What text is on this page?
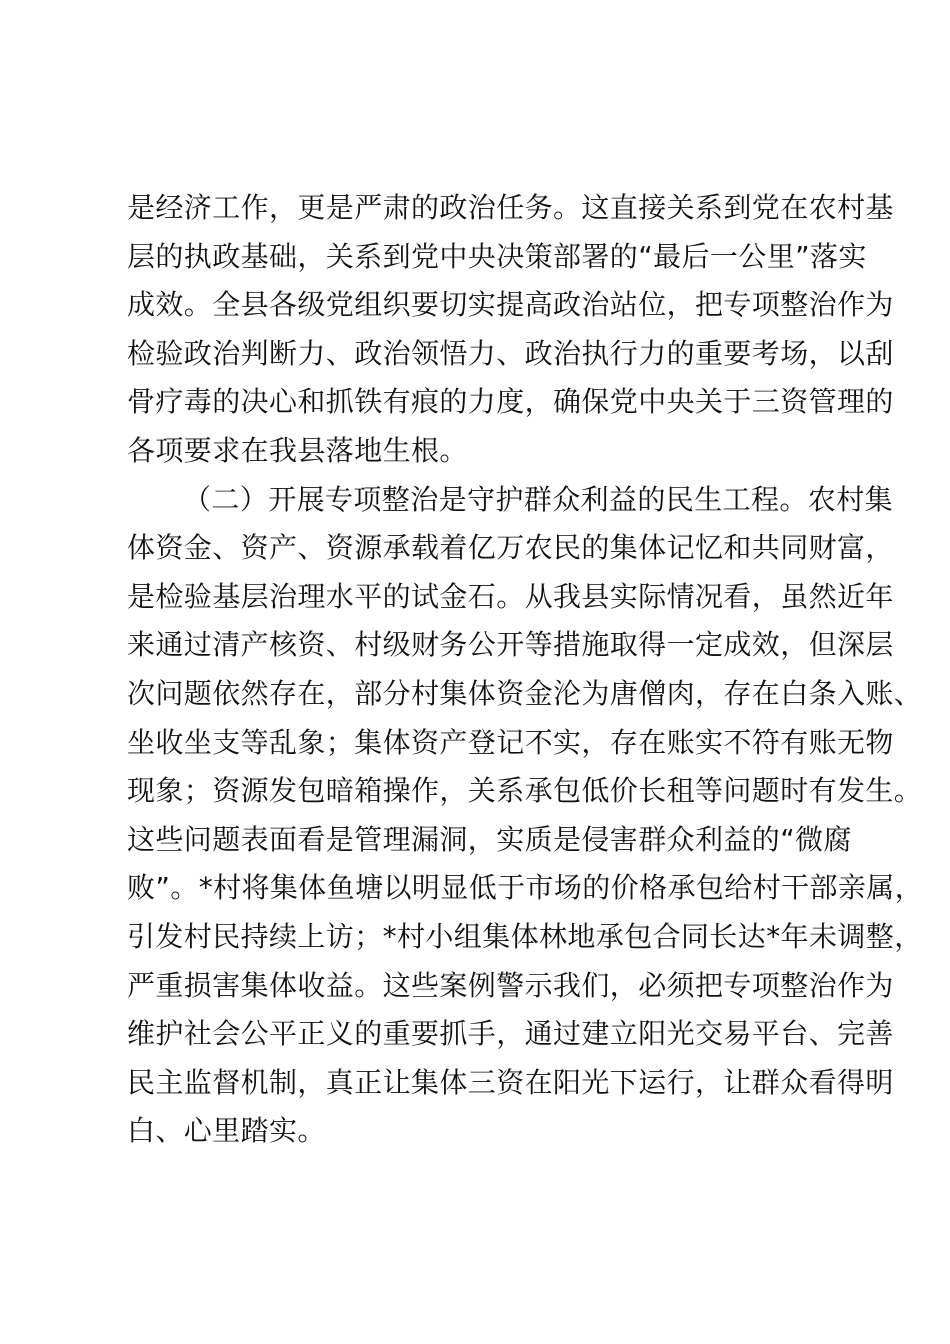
是经济工作，更是严肃的政治任务。这直接关系到党在农村基
层的执政基础，关系到党中央决策部署的“最后一公里”落实
成效。全县各级党组织要切实提高政治站位，把专项整治作为
检验政治判断力、政治领悟力、政治执行力的重要考场，以刮
骨疗毒的决心和抓铁有痕的力度，确保党中央关于三资管理的
各项要求在我县落地生根。
（二）开展专项整治是守护群众利益的民生工程。农村集
体资金、资产、资源承载着亿万农民的集体记忆和共同财富，
是检验基层治理水平的试金石。从我县实际情况看，虽然近年
来通过清产核资、村级财务公开等措施取得一定成效，但深层
次问题依然存在，部分村集体资金沦为唐僧肉，存在白条入账、
坐收坐支等乱象；集体资产登记不实，存在账实不符有账无物
现象；资源发包暗箱操作，关系承包低价长租等问题时有发生。
这些问题表面看是管理漏洞，实质是侵害群众利益的“微腐
败”。*村将集体鱼塘以明显低于市场的价格承包给村干部亲属，
引发村民持续上访；*村小组集体林地承包合同长达*年未调整，
严重损害集体收益。这些案例警示我们，必须把专项整治作为
维护社会公平正义的重要抓手，通过建立阳光交易平台、完善
民主监督机制，真正让集体三资在阳光下运行，让群众看得明
白、心里踏实。
